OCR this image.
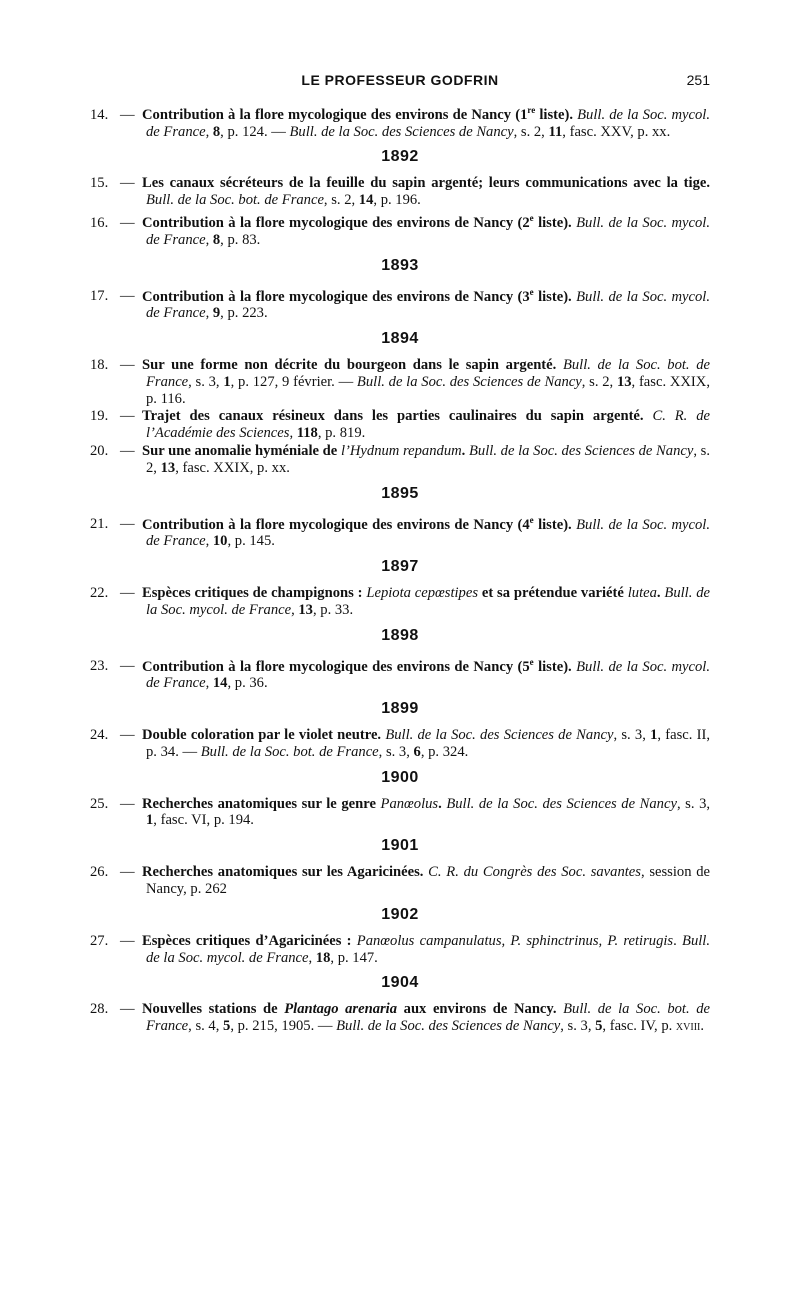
LE PROFESSEUR GODFRIN	251
14. — Contribution à la flore mycologique des environs de Nancy (1re liste). Bull. de la Soc. mycol. de France, 8, p. 124. — Bull. de la Soc. des Sciences de Nancy, s. 2, 11, fasc. XXV, p. xx.
1892
15. — Les canaux sécréteurs de la feuille du sapin argenté; leurs communications avec la tige. Bull. de la Soc. bot. de France, s. 2, 14, p. 196.
16. — Contribution à la flore mycologique des environs de Nancy (2e liste). Bull. de la Soc. mycol. de France, 8, p. 83.
1893
17. — Contribution à la flore mycologique des environs de Nancy (3e liste). Bull. de la Soc. mycol. de France, 9, p. 223.
1894
18. — Sur une forme non décrite du bourgeon dans le sapin argenté. Bull. de la Soc. bot. de France, s. 3, 1, p. 127, 9 février. — Bull. de la Soc. des Sciences de Nancy, s. 2, 13, fasc. XXIX, p. 116.
19. — Trajet des canaux résineux dans les parties caulinaires du sapin argenté. C. R. de l’Académie des Sciences, 118, p. 819.
20. — Sur une anomalie hyméniale de l’Hydnum repandum. Bull. de la Soc. des Sciences de Nancy, s. 2, 13, fasc. XXIX, p. xx.
1895
21. — Contribution à la flore mycologique des environs de Nancy (4e liste). Bull. de la Soc. mycol. de France, 10, p. 145.
1897
22. — Espèces critiques de champignons : Lepiota cepœstipes et sa prétendue variété lutea. Bull. de la Soc. mycol. de France, 13, p. 33.
1898
23. — Contribution à la flore mycologique des environs de Nancy (5e liste). Bull. de la Soc. mycol. de France, 14, p. 36.
1899
24. — Double coloration par le violet neutre. Bull. de la Soc. des Sciences de Nancy, s. 3, 1, fasc. II, p. 34. — Bull. de la Soc. bot. de France, s. 3, 6, p. 324.
1900
25. — Recherches anatomiques sur le genre Panœolus. Bull. de la Soc. des Sciences de Nancy, s. 3, 1, fasc. VI, p. 194.
1901
26. — Recherches anatomiques sur les Agaricinées. C. R. du Congrès des Soc. savantes, session de Nancy, p. 262
1902
27. — Espèces critiques d’Agaricinées : Panœolus campanulatus, P. sphinctrinus, P. retirugis. Bull. de la Soc. mycol. de France, 18, p. 147.
1904
28. — Nouvelles stations de Plantago arenaria aux environs de Nancy. Bull. de la Soc. bot. de France, s. 4, 5, p. 215, 1905. — Bull. de la Soc. des Sciences de Nancy, s. 3, 5, fasc. IV, p. xviii.
